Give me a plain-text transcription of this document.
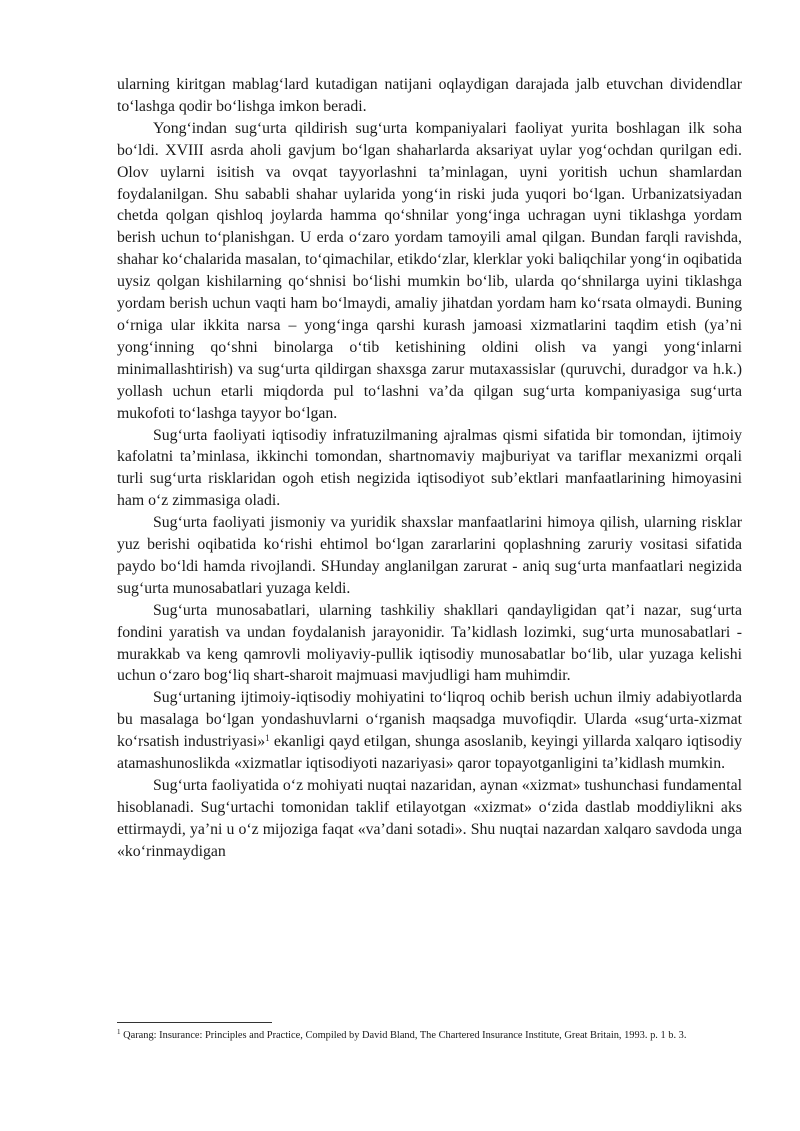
ularning kiritgan mablag‘lard kutadigan natijani oqlaydigan darajada jalb etuvchan dividendlar to‘lashga qodir bo‘lishga imkon beradi.

Yong‘indan sug‘urta qildirish sug‘urta kompaniyalari faoliyat yurita boshlagan ilk soha bo‘ldi. XVIII asrda aholi gavjum bo‘lgan shaharlarda aksariyat uylar yog‘ochdan qurilgan edi. Olov uylarni isitish va ovqat tayyorlashni ta’minlagan, uyni yoritish uchun shamlardan foydalanilgan. Shu sababli shahar uylarida yong‘in riski juda yuqori bo‘lgan. Urbanizatsiyadan chetda qolgan qishloq joylarda hamma qo‘shnilar yong‘inga uchragan uyni tiklashga yordam berish uchun to‘planishgan. U erda o‘zaro yordam tamoyili amal qilgan. Bundan farqli ravishda, shahar ko‘chalarida masalan, to‘qimachilar, etikdo‘zlar, klerklar yoki baliqchilar yong‘in oqibatida uysiz qolgan kishilarning qo‘shnisi bo‘lishi mumkin bo‘lib, ularda qo‘shnilarga uyini tiklashga yordam berish uchun vaqti ham bo‘lmaydi, amaliy jihatdan yordam ham ko‘rsata olmaydi. Buning o‘rniga ular ikkita narsa – yong‘inga qarshi kurash jamoasi xizmatlarini taqdim etish (ya’ni yong‘inning qo‘shni binolarga o‘tib ketishining oldini olish va yangi yong‘inlarni minimallashtirish) va sug‘urta qildirgan shaxsga zarur mutaxassislar (quruvchi, duradgor va h.k.) yollash uchun etarli miqdorda pul to‘lashni va’da qilgan sug‘urta kompaniyasiga sug‘urta mukofoti to‘lashga tayyor bo‘lgan.

Sug‘urta faoliyati iqtisodiy infratuzilmaning ajralmas qismi sifatida bir tomondan, ijtimoiy kafolatni ta’minlasa, ikkinchi tomondan, shartnomaviy majburiyat va tariflar mexanizmi orqali turli sug‘urta risklaridan ogoh etish negizida iqtisodiyot sub’ektlari manfaatlarining himoyasini ham o‘z zimmasiga oladi.

Sug‘urta faoliyati jismoniy va yuridik shaxslar manfaatlarini himoya qilish, ularning risklar yuz berishi oqibatida ko‘rishi ehtimol bo‘lgan zararlarini qoplashning zaruriy vositasi sifatida paydo bo‘ldi hamda rivojlandi. SHunday anglanilgan zarurat - aniq sug‘urta manfaatlari negizida sug‘urta munosabatlari yuzaga keldi.

Sug‘urta munosabatlari, ularning tashkiliy shakllari qandayligidan qat’i nazar, sug‘urta fondini yaratish va undan foydalanish jarayonidir. Ta’kidlash lozimki, sug‘urta munosabatlari - murakkab va keng qamrovli moliyaviy-pullik iqtisodiy munosabatlar bo‘lib, ular yuzaga kelishi uchun o‘zaro bog‘liq shart-sharoit majmuasi mavjudligi ham muhimdir.

Sug‘urtaning ijtimoiy-iqtisodiy mohiyatini to‘liqroq ochib berish uchun ilmiy adabiyotlarda bu masalaga bo‘lgan yondashuvlarni o‘rganish maqsadga muvofiqdir. Ularda «sug‘urta-xizmat ko‘rsatish industriyasi»$^1$ ekanligi qayd etilgan, shunga asoslanib, keyingi yillarda xalqaro iqtisodiy atamashunoslikda «xizmatlar iqtisodiyoti nazariyasi» qaror topayotganligini ta’kidlash mumkin.

Sug‘urta faoliyatida o‘z mohiyati nuqtai nazaridan, aynan «xizmat» tushunchasi fundamental hisoblanadi. Sug‘urtachi tomonidan taklif etilayotgan «xizmat» o‘zida dastlab moddiylikni aks ettirmaydi, ya’ni u o‘z mijoziga faqat «va’dani sotadi». Shu nuqtai nazardan xalqaro savdoda unga «ko‘rinmaydigan

$^1$ Qarang: Insurance: Principles and Practice, Compiled by David Bland, The Chartered Insurance Institute, Great Britain, 1993. p. 1 b. 3.
